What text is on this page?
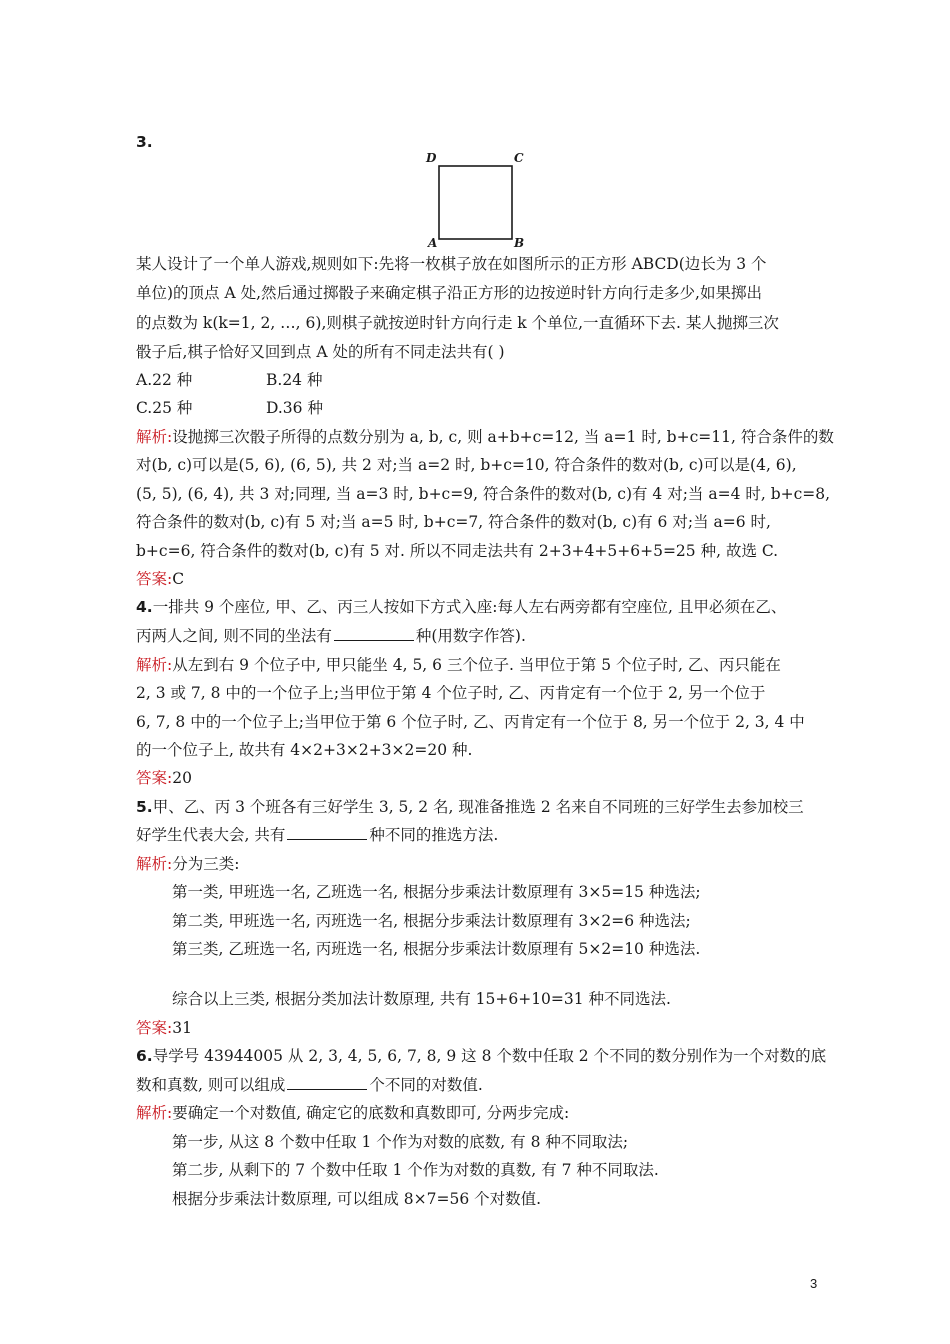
3.
D	C
A	B
某人设计了一个单人游戏,规则如下:先将一枚棋子放在如图所示的正方形 ABCD(边长为 3 个
单位)的顶点 A 处,然后通过掷骰子来确定棋子沿正方形的边按逆时针方向行走多少,如果掷出
的点数为 k(k=1, 2, …, 6),则棋子就按逆时针方向行走 k 个单位,一直循环下去. 某人抛掷三次
骰子后,棋子恰好又回到点 A 处的所有不同走法共有( )
A.22 种	B.24 种
C.25 种	D.36 种
解析:设抛掷三次骰子所得的点数分别为 a, b, c, 则 a+b+c=12, 当 a=1 时, b+c=11, 符合条件的数
对(b, c)可以是(5, 6), (6, 5), 共 2 对;当 a=2 时, b+c=10, 符合条件的数对(b, c)可以是(4, 6),
(5, 5), (6, 4), 共 3 对;同理, 当 a=3 时, b+c=9, 符合条件的数对(b, c)有 4 对;当 a=4 时, b+c=8,
符合条件的数对(b, c)有 5 对;当 a=5 时, b+c=7, 符合条件的数对(b, c)有 6 对;当 a=6 时,
b+c=6, 符合条件的数对(b, c)有 5 对. 所以不同走法共有 2+3+4+5+6+5=25 种, 故选 C.
答案:C
4.一排共 9 个座位, 甲、乙、丙三人按如下方式入座:每人左右两旁都有空座位, 且甲必须在乙、
丙两人之间, 则不同的坐法有	种(用数字作答).
解析:从左到右 9 个位子中, 甲只能坐 4, 5, 6 三个位子. 当甲位于第 5 个位子时, 乙、丙只能在
2, 3 或 7, 8 中的一个位子上;当甲位于第 4 个位子时, 乙、丙肯定有一个位于 2, 另一个位于
6, 7, 8 中的一个位子上;当甲位于第 6 个位子时, 乙、丙肯定有一个位于 8, 另一个位于 2, 3, 4 中
的一个位子上, 故共有 4×2+3×2+3×2=20 种.
答案:20
5.甲、乙、丙 3 个班各有三好学生 3, 5, 2 名, 现准备推选 2 名来自不同班的三好学生去参加校三
好学生代表大会, 共有	种不同的推选方法.
解析:分为三类:
第一类, 甲班选一名, 乙班选一名, 根据分步乘法计数原理有 3×5=15 种选法;
第二类, 甲班选一名, 丙班选一名, 根据分步乘法计数原理有 3×2=6 种选法;
第三类, 乙班选一名, 丙班选一名, 根据分步乘法计数原理有 5×2=10 种选法.
综合以上三类, 根据分类加法计数原理, 共有 15+6+10=31 种不同选法.
答案:31
6.导学号 43944005 从 2, 3, 4, 5, 6, 7, 8, 9 这 8 个数中任取 2 个不同的数分别作为一个对数的底
数和真数, 则可以组成	个不同的对数值.
解析:要确定一个对数值, 确定它的底数和真数即可, 分两步完成:
第一步, 从这 8 个数中任取 1 个作为对数的底数, 有 8 种不同取法;
第二步, 从剩下的 7 个数中任取 1 个作为对数的真数, 有 7 种不同取法.
根据分步乘法计数原理, 可以组成 8×7=56 个对数值.
3
